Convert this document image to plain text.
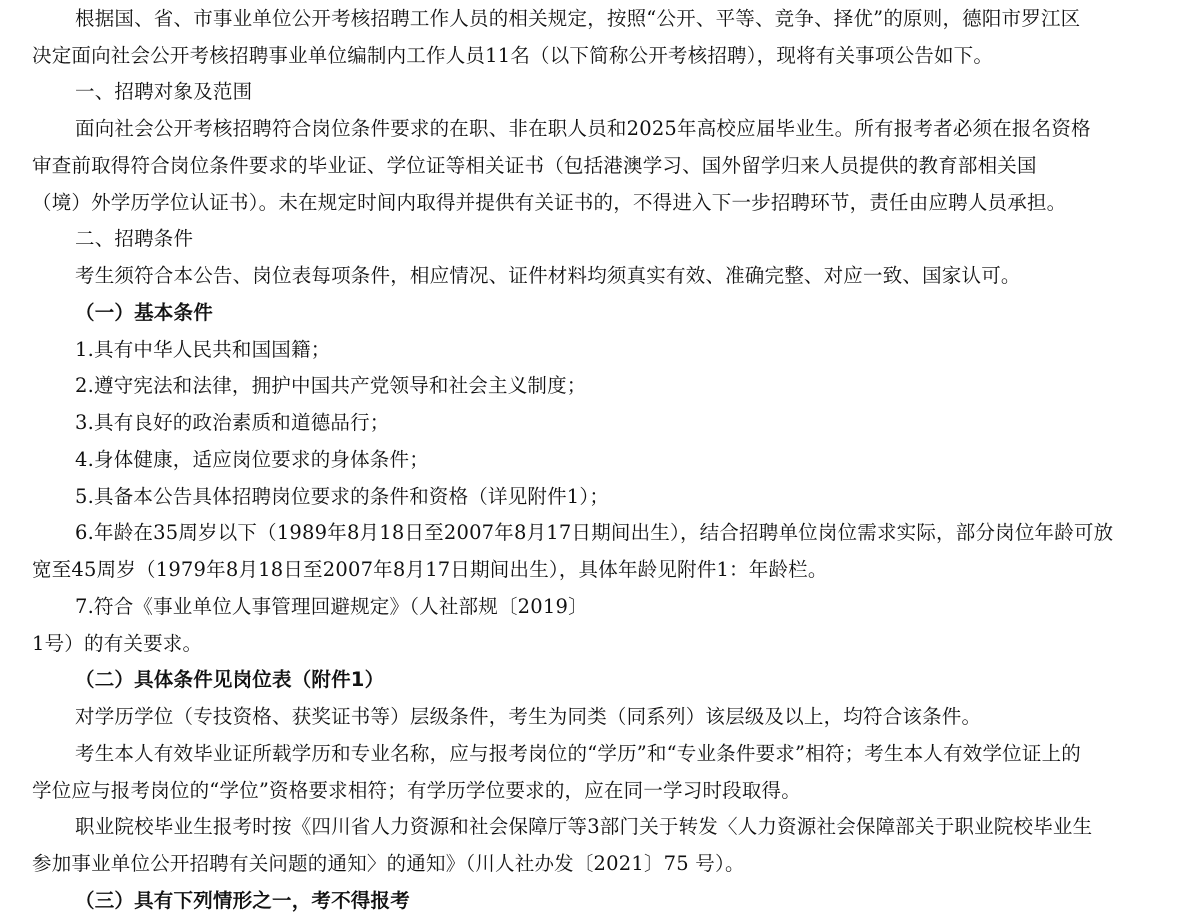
根据国、省、市事业单位公开考核招聘工作人员的相关规定，按照“公开、平等、竞争、择优”的原则，德阳市罗江区

决定面向社会公开考核招聘事业单位编制内工作人员11名（以下简称公开考核招聘），现将有关事项公告如下。

一、招聘对象及范围

面向社会公开考核招聘符合岗位条件要求的在职、非在职人员和2025年高校应届毕业生。所有报考者必须在报名资格

审查前取得符合岗位条件要求的毕业证、学位证等相关证书（包括港澳学习、国外留学归来人员提供的教育部相关国

（境）外学历学位认证书）。未在规定时间内取得并提供有关证书的，不得进入下一步招聘环节，责任由应聘人员承担。

二、招聘条件

考生须符合本公告、岗位表每项条件，相应情况、证件材料均须真实有效、准确完整、对应一致、国家认可。

（一）基本条件

1.具有中华人民共和国国籍；

2.遵守宪法和法律，拥护中国共产党领导和社会主义制度；

3.具有良好的政治素质和道德品行；

4.身体健康，适应岗位要求的身体条件；

5.具备本公告具体招聘岗位要求的条件和资格（详见附件1）；

6.年龄在35周岁以下（1989年8月18日至2007年8月17日期间出生），结合招聘单位岗位需求实际，部分岗位年龄可放

宽至45周岁（1979年8月18日至2007年8月17日期间出生），具体年龄见附件1：年龄栏。

7.符合《事业单位人事管理回避规定》（人社部规〔2019〕

1号）的有关要求。

（二）具体条件见岗位表（附件1）

对学历学位（专技资格、获奖证书等）层级条件，考生为同类（同系列）该层级及以上，均符合该条件。

考生本人有效毕业证所载学历和专业名称，应与报考岗位的“学历”和“专业条件要求”相符；考生本人有效学位证上的

学位应与报考岗位的“学位”资格要求相符；有学历学位要求的，应在同一学习时段取得。

职业院校毕业生报考时按《四川省人力资源和社会保障厅等3部门关于转发〈人力资源社会保障部关于职业院校毕业生

参加事业单位公开招聘有关问题的通知〉的通知》（川人社办发〔2021〕75 号）。

（三）具有下列情形之一，考不得报考
